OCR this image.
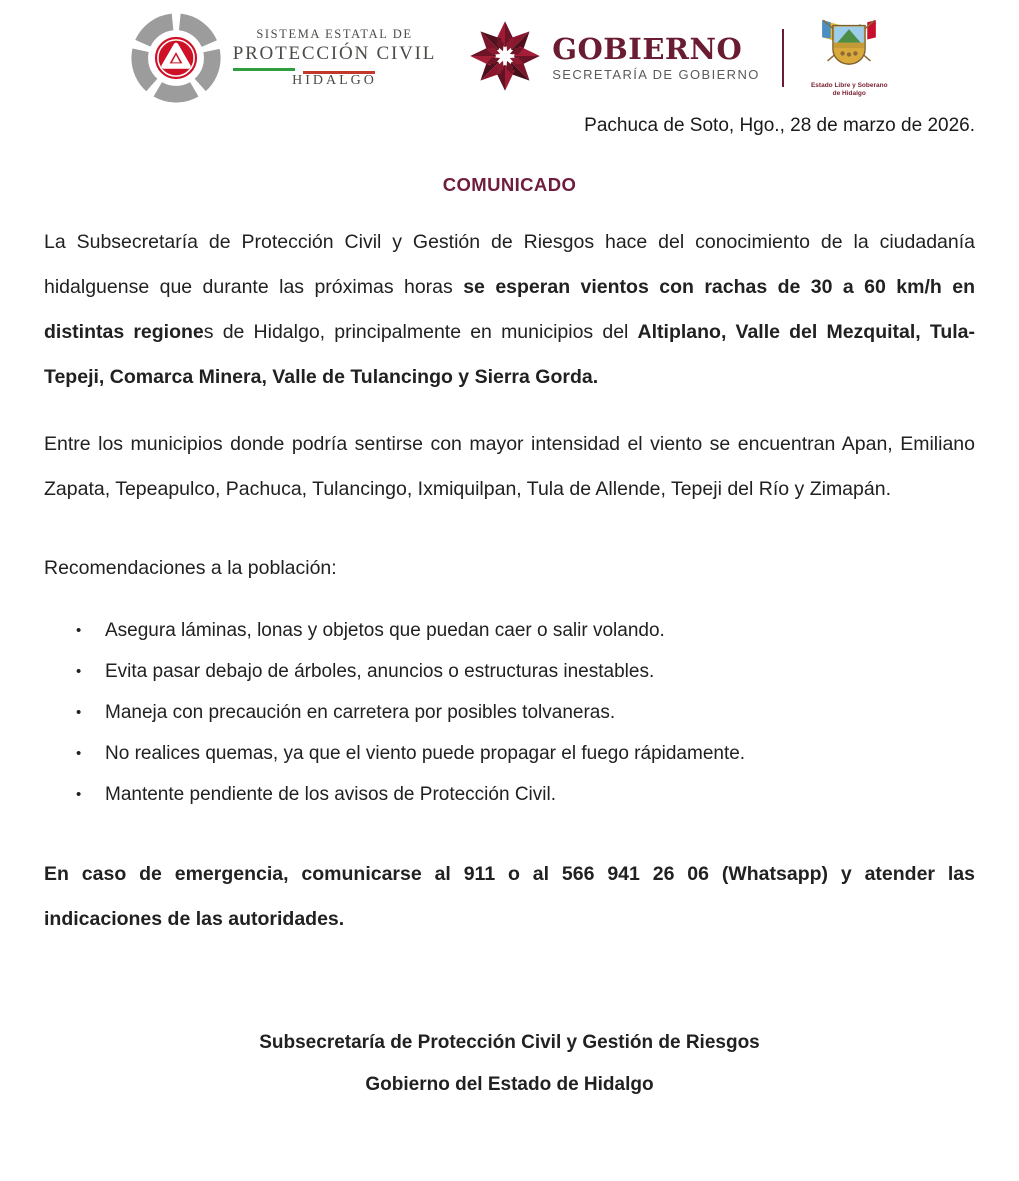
SISTEMA ESTATAL DE
PROTECCIÓN CIVIL
HIDALGO
GOBIERNO
SECRETARÍA DE GOBIERNO
Estado Libre y Soberano
de Hidalgo
Pachuca de Soto, Hgo., 28 de marzo de 2026.
COMUNICADO

La Subsecretaría de Protección Civil y Gestión de Riesgos hace del conocimiento de la ciudadanía hidalguense que durante las próximas horas se esperan vientos con rachas de 30 a 60 km/h en distintas regiones de Hidalgo, principalmente en municipios del Altiplano, Valle del Mezquital, Tula-Tepeji, Comarca Minera, Valle de Tulancingo y Sierra Gorda.

Entre los municipios donde podría sentirse con mayor intensidad el viento se encuentran Apan, Emiliano Zapata, Tepeapulco, Pachuca, Tulancingo, Ixmiquilpan, Tula de Allende, Tepeji del Río y Zimapán.

Recomendaciones a la población:

• Asegura láminas, lonas y objetos que puedan caer o salir volando.
• Evita pasar debajo de árboles, anuncios o estructuras inestables.
• Maneja con precaución en carretera por posibles tolvaneras.
• No realices quemas, ya que el viento puede propagar el fuego rápidamente.
• Mantente pendiente de los avisos de Protección Civil.

En caso de emergencia, comunicarse al 911 o al 566 941 26 06 (Whatsapp) y atender las indicaciones de las autoridades.

Subsecretaría de Protección Civil y Gestión de Riesgos
Gobierno del Estado de Hidalgo
